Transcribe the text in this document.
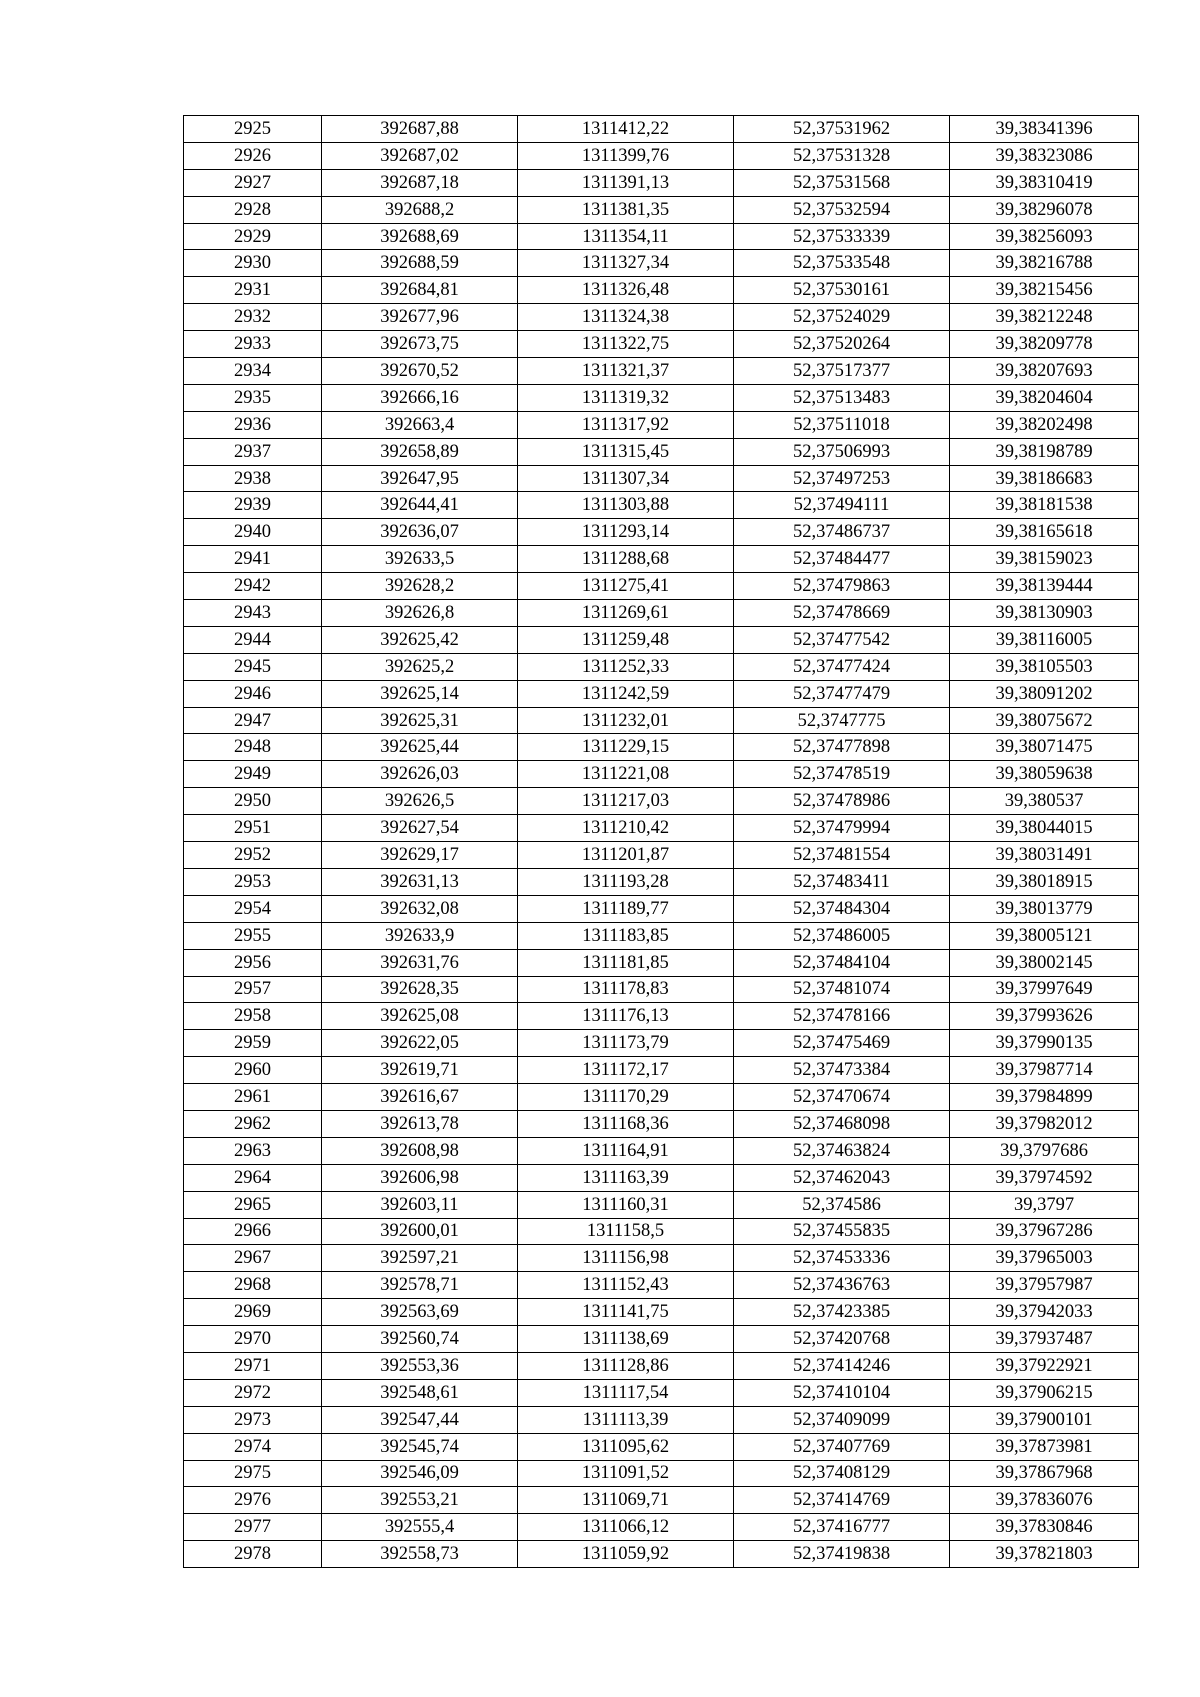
2925	392687,88	1311412,22	52,37531962	39,38341396
2926	392687,02	1311399,76	52,37531328	39,38323086
2927	392687,18	1311391,13	52,37531568	39,38310419
2928	392688,2	1311381,35	52,37532594	39,38296078
2929	392688,69	1311354,11	52,37533339	39,38256093
2930	392688,59	1311327,34	52,37533548	39,38216788
2931	392684,81	1311326,48	52,37530161	39,38215456
2932	392677,96	1311324,38	52,37524029	39,38212248
2933	392673,75	1311322,75	52,37520264	39,38209778
2934	392670,52	1311321,37	52,37517377	39,38207693
2935	392666,16	1311319,32	52,37513483	39,38204604
2936	392663,4	1311317,92	52,37511018	39,38202498
2937	392658,89	1311315,45	52,37506993	39,38198789
2938	392647,95	1311307,34	52,37497253	39,38186683
2939	392644,41	1311303,88	52,37494111	39,38181538
2940	392636,07	1311293,14	52,37486737	39,38165618
2941	392633,5	1311288,68	52,37484477	39,38159023
2942	392628,2	1311275,41	52,37479863	39,38139444
2943	392626,8	1311269,61	52,37478669	39,38130903
2944	392625,42	1311259,48	52,37477542	39,38116005
2945	392625,2	1311252,33	52,37477424	39,38105503
2946	392625,14	1311242,59	52,37477479	39,38091202
2947	392625,31	1311232,01	52,3747775	39,38075672
2948	392625,44	1311229,15	52,37477898	39,38071475
2949	392626,03	1311221,08	52,37478519	39,38059638
2950	392626,5	1311217,03	52,37478986	39,380537
2951	392627,54	1311210,42	52,37479994	39,38044015
2952	392629,17	1311201,87	52,37481554	39,38031491
2953	392631,13	1311193,28	52,37483411	39,38018915
2954	392632,08	1311189,77	52,37484304	39,38013779
2955	392633,9	1311183,85	52,37486005	39,38005121
2956	392631,76	1311181,85	52,37484104	39,38002145
2957	392628,35	1311178,83	52,37481074	39,37997649
2958	392625,08	1311176,13	52,37478166	39,37993626
2959	392622,05	1311173,79	52,37475469	39,37990135
2960	392619,71	1311172,17	52,37473384	39,37987714
2961	392616,67	1311170,29	52,37470674	39,37984899
2962	392613,78	1311168,36	52,37468098	39,37982012
2963	392608,98	1311164,91	52,37463824	39,3797686
2964	392606,98	1311163,39	52,37462043	39,37974592
2965	392603,11	1311160,31	52,374586	39,3797
2966	392600,01	1311158,5	52,37455835	39,37967286
2967	392597,21	1311156,98	52,37453336	39,37965003
2968	392578,71	1311152,43	52,37436763	39,37957987
2969	392563,69	1311141,75	52,37423385	39,37942033
2970	392560,74	1311138,69	52,37420768	39,37937487
2971	392553,36	1311128,86	52,37414246	39,37922921
2972	392548,61	1311117,54	52,37410104	39,37906215
2973	392547,44	1311113,39	52,37409099	39,37900101
2974	392545,74	1311095,62	52,37407769	39,37873981
2975	392546,09	1311091,52	52,37408129	39,37867968
2976	392553,21	1311069,71	52,37414769	39,37836076
2977	392555,4	1311066,12	52,37416777	39,37830846
2978	392558,73	1311059,92	52,37419838	39,37821803
